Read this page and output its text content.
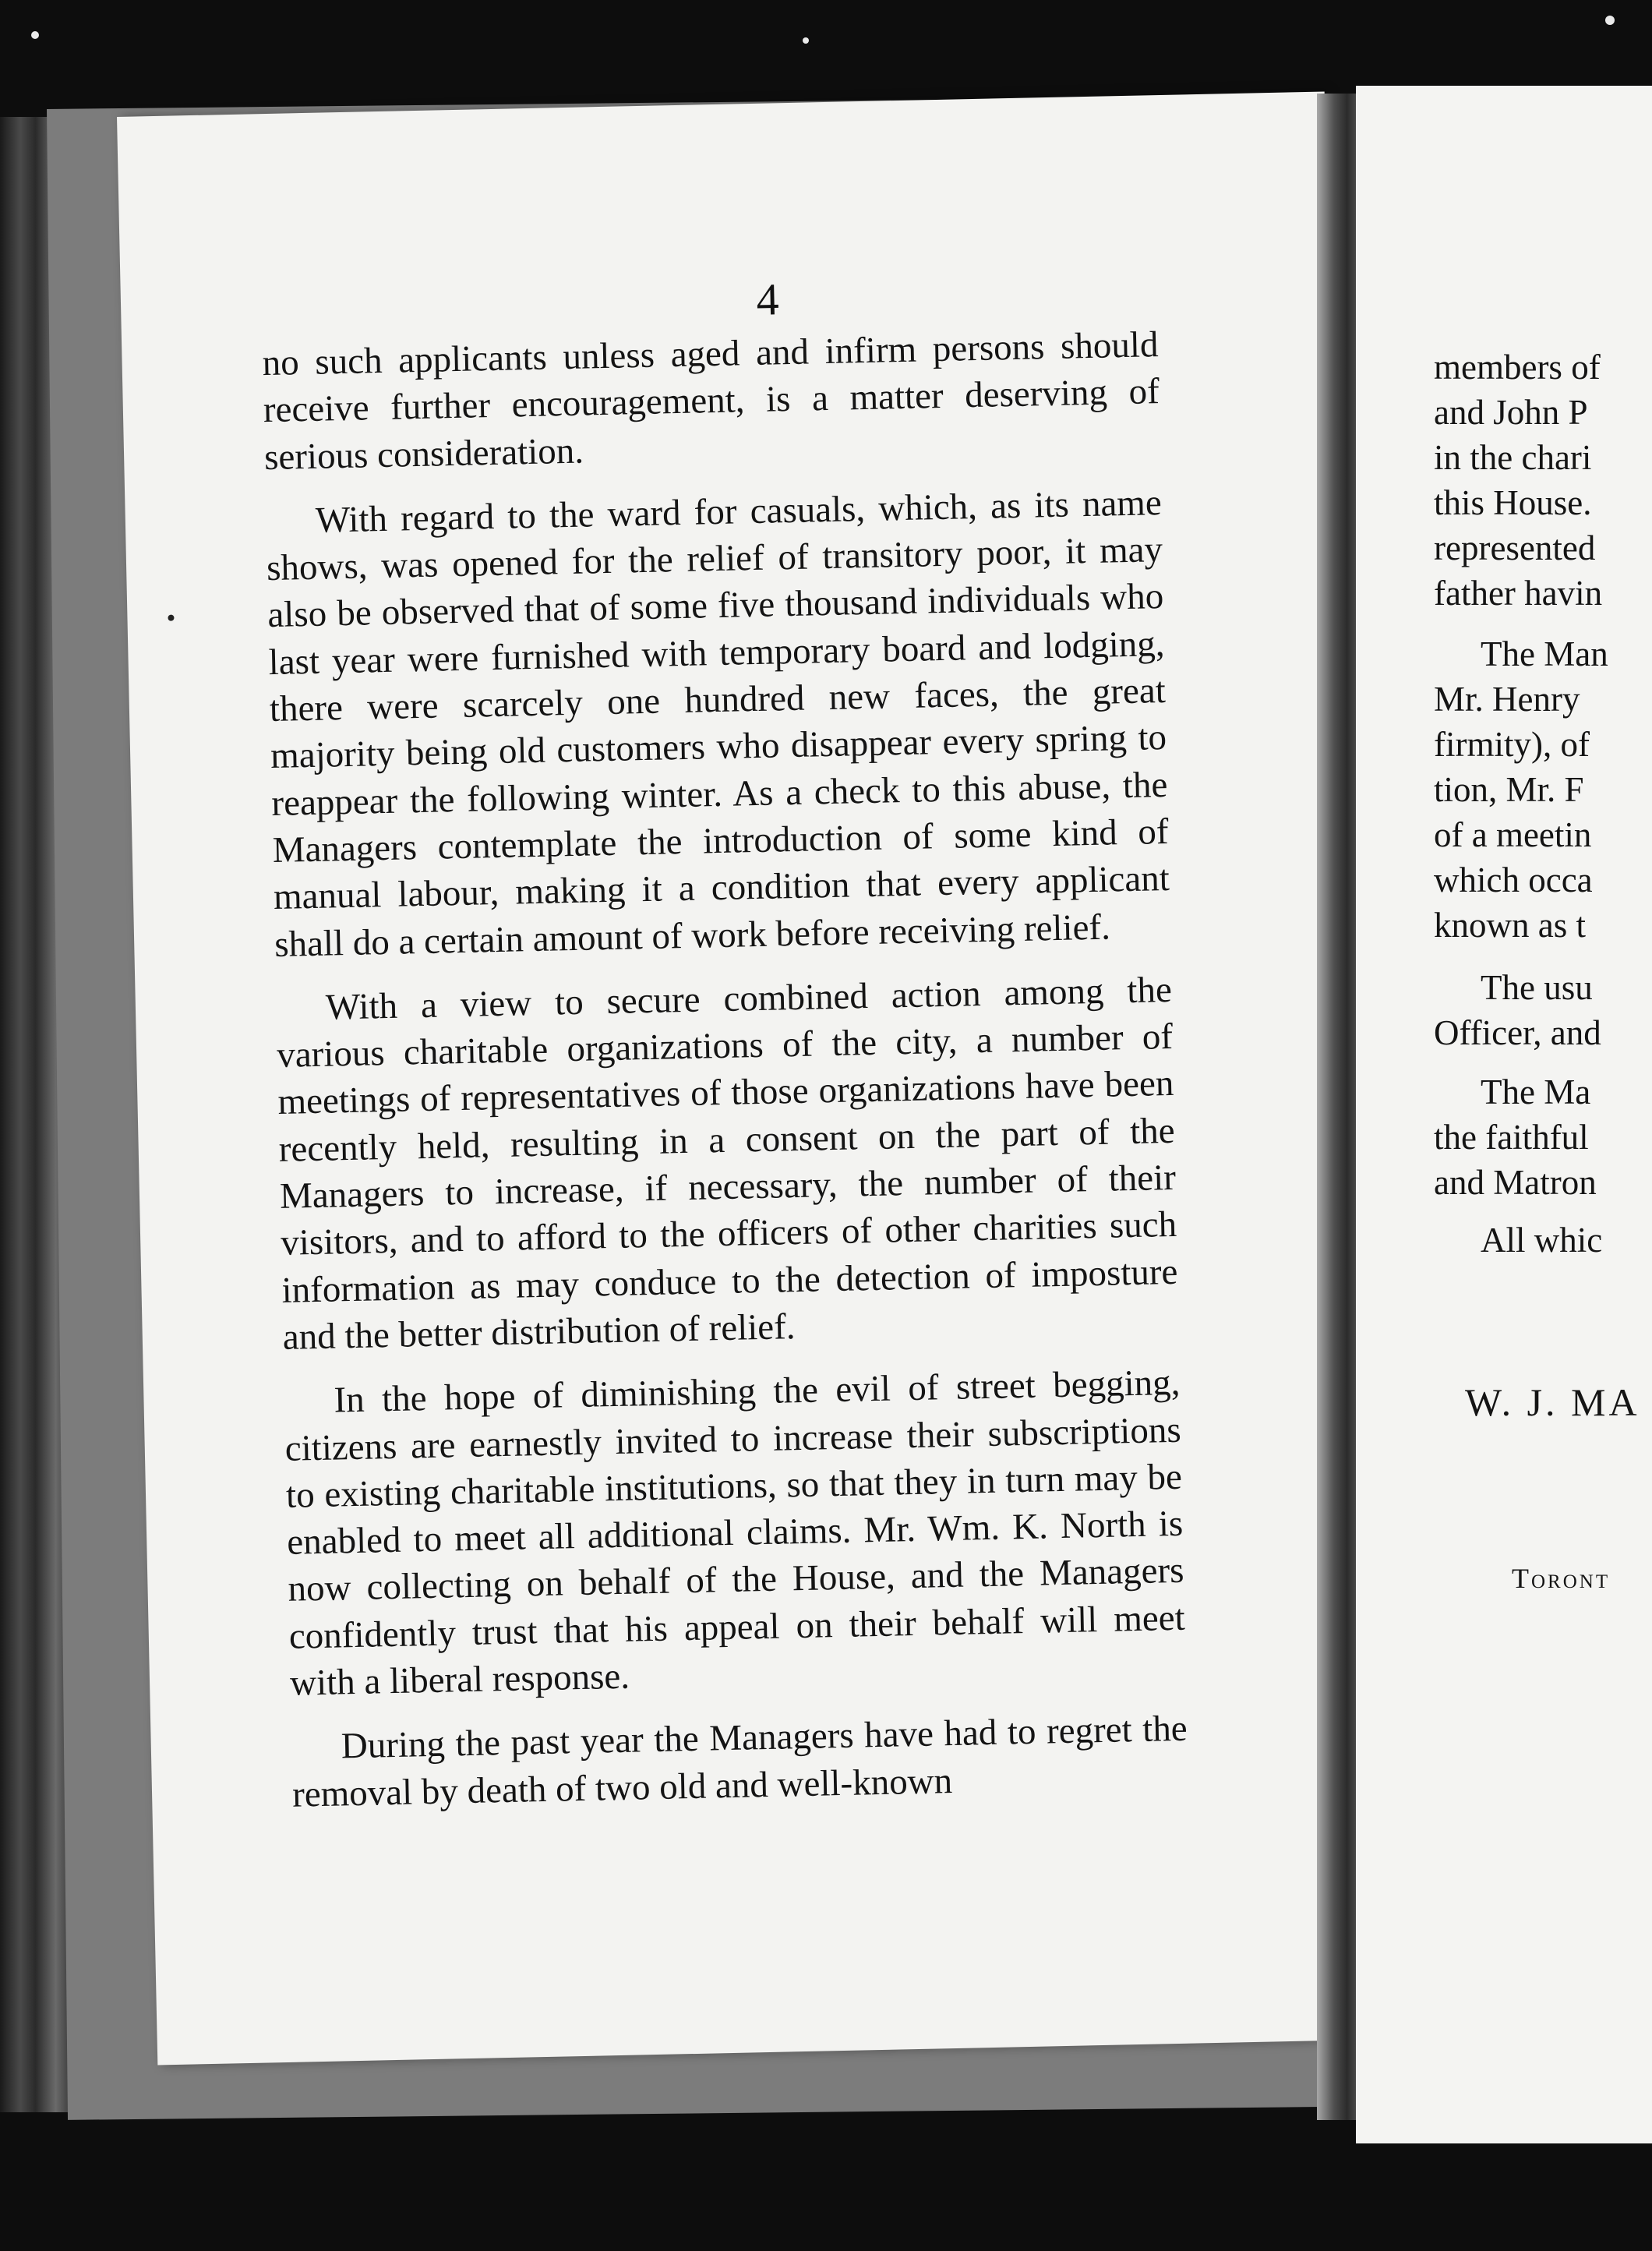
4

no such applicants unless aged and infirm persons should receive further encouragement, is a matter deserving of serious consideration.

With regard to the ward for casuals, which, as its name shows, was opened for the relief of transitory poor, it may also be observed that of some five thousand individuals who last year were furnished with temporary board and lodging, there were scarcely one hundred new faces, the great majority being old customers who disappear every spring to reappear the following winter. As a check to this abuse, the Managers contemplate the introduction of some kind of manual labour, making it a condition that every applicant shall do a certain amount of work before receiving relief.

With a view to secure combined action among the various charitable organizations of the city, a number of meetings of representatives of those organizations have been recently held, resulting in a consent on the part of the Managers to increase, if necessary, the number of their visitors, and to afford to the officers of other charities such information as may conduce to the detection of imposture and the better distribution of relief.

In the hope of diminishing the evil of street begging, citizens are earnestly invited to increase their subscriptions to existing charitable institutions, so that they in turn may be enabled to meet all additional claims. Mr. Wm. K. North is now collecting on behalf of the House, and the Managers confidently trust that his appeal on their behalf will meet with a liberal response.

During the past year the Managers have had to regret the removal by death of two old and well-known

members of
and John P
in the chari
this House.
represented
father havin
The Man
Mr. Henry
firmity), of
tion, Mr. F
of a meetin
which occa
known as t
The usu
Officer, and
The Ma
the faithful
and Matron
All whic
W. J. MA
Toront
